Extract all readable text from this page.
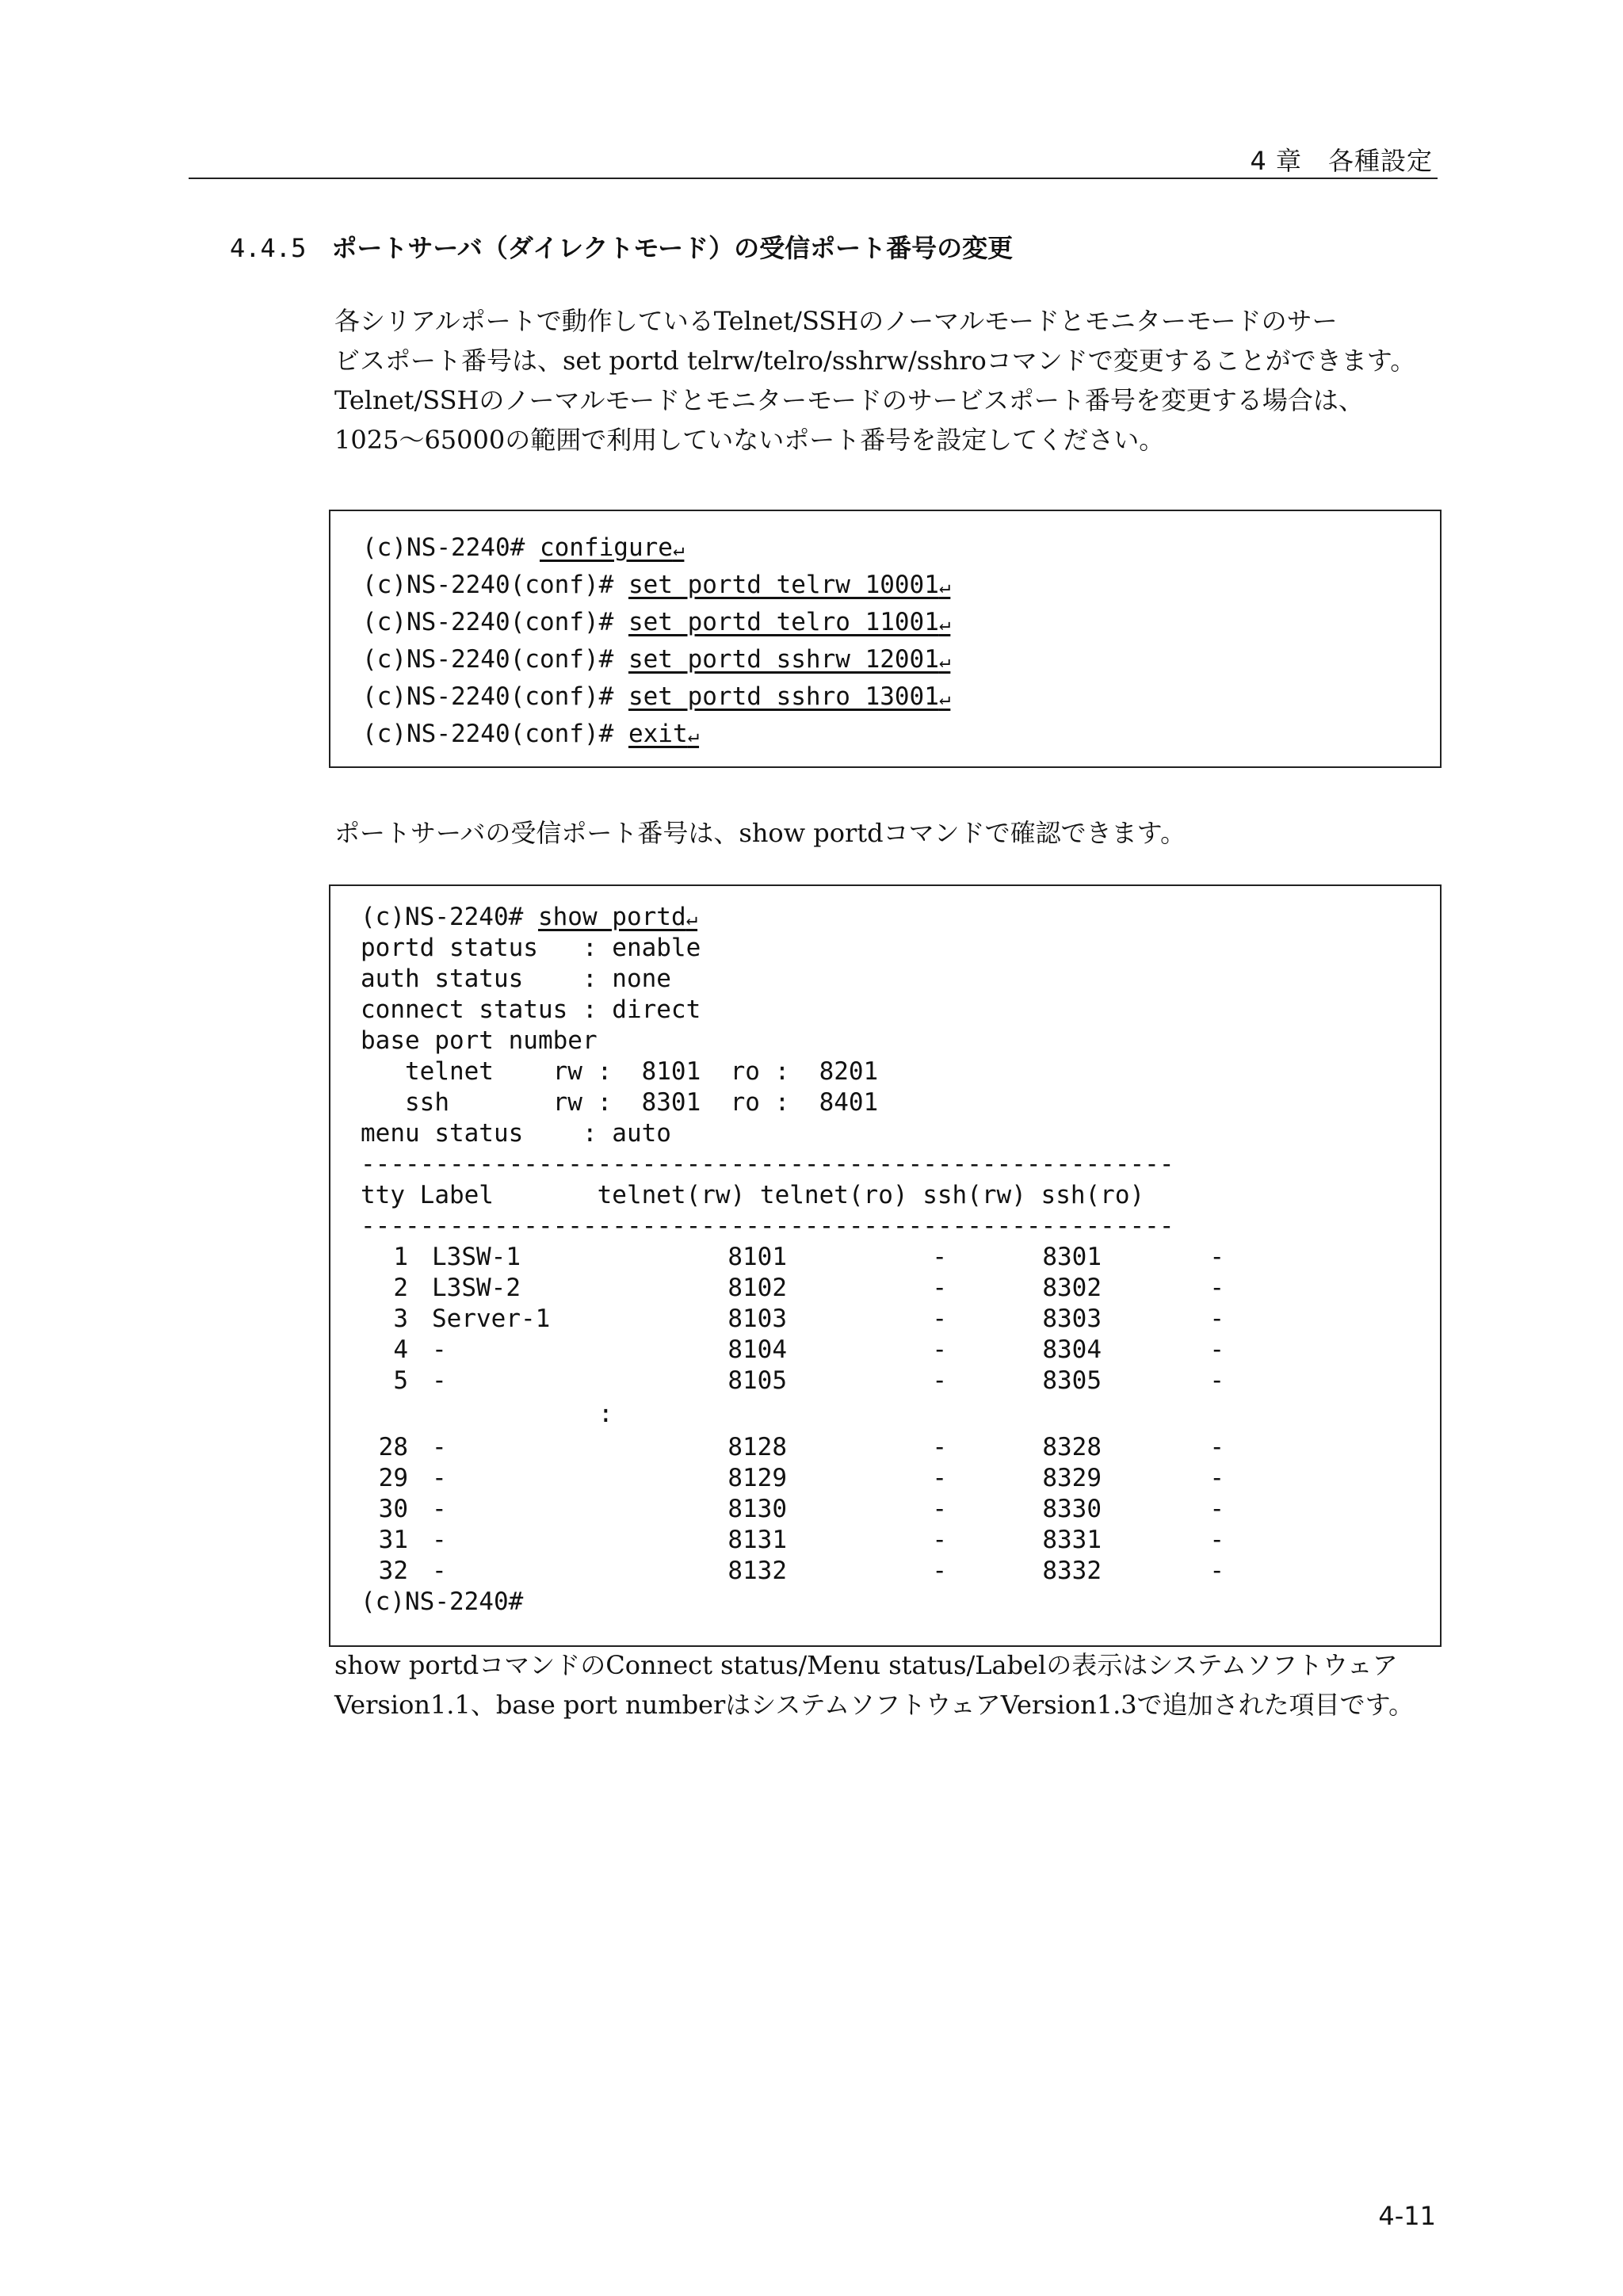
4 章　各種設定
4.4.5 ポートサーバ（ダイレクトモード）の受信ポート番号の変更

各シリアルポートで動作しているTelnet/SSHのノーマルモードとモニターモードのサー

ビスポート番号は、set portd telrw/telro/sshrw/sshroコマンドで変更することができます。

Telnet/SSHのノーマルモードとモニターモードのサービスポート番号を変更する場合は、

1025～65000の範囲で利用していないポート番号を設定してください。

(c)NS-2240# configure↵
(c)NS-2240(conf)# set portd telrw 10001↵
(c)NS-2240(conf)# set portd telro 11001↵
(c)NS-2240(conf)# set portd sshrw 12001↵
(c)NS-2240(conf)# set portd sshro 13001↵
(c)NS-2240(conf)# exit↵

ポートサーバの受信ポート番号は、show portdコマンドで確認できます。

(c)NS-2240# show portd↵
portd status   : enable
auth status    : none
connect status : direct
base port number
telnet    rw :  8101  ro :  8201
ssh       rw :  8301  ro :  8401
menu status    : auto
-------------------------------------------------------
tty Label       telnet(rw) telnet(ro) ssh(rw) ssh(ro)
-------------------------------------------------------
1 L3SW-1	8101	-	8301	-
2 L3SW-2	8102	-	8302	-
3 Server-1	8103	-	8303	-
4 -	8104	-	8304	-
5 -	8105	-	8305	-
:
28 -	8128	-	8328	-
29 -	8129	-	8329	-
30 -	8130	-	8330	-
31 -	8131	-	8331	-
32 -	8132	-	8332	-
(c)NS-2240#

show portdコマンドのConnect status/Menu status/Labelの表示はシステムソフトウェア

Version1.1、base port numberはシステムソフトウェアVersion1.3で追加された項目です。

4-11
